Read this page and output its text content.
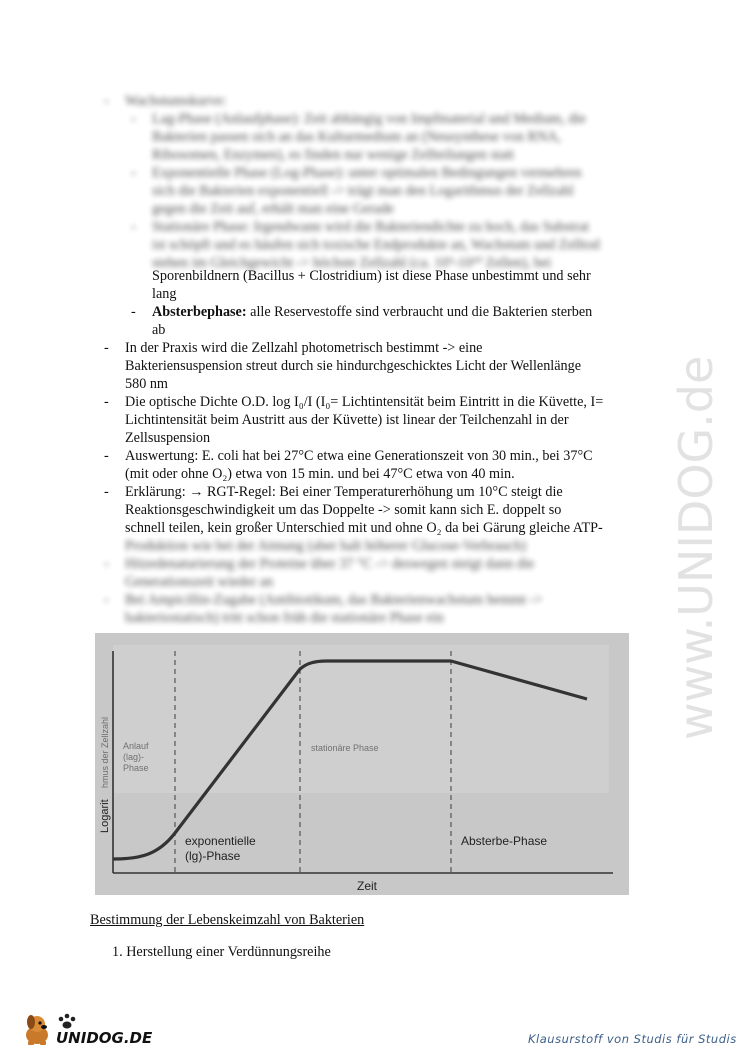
- Wachstumskurve:
- Lag-Phase (Anlaufphase): Zeit abhängig von Impfmaterial und Medium, die
Bakterien passen sich an das Kulturmedium an (Neusynthese von RNA,
Ribosomen, Enzymen), es finden nur wenige Zellteilungen statt
- Exponentielle Phase (Log-Phase): unter optimalen Bedingungen vermehren
sich die Bakterien exponentiell -> trägt man den Logarithmus der Zellzahl
gegen die Zeit auf, erhält man eine Gerade
- Stationäre Phase: Irgendwann wird die Bakteriendichte zu hoch, das Substrat
ist schöpft und es häufen sich toxische Endprodukte an, Wachstum und Zelltod
stehen im Gleichgewicht -> höchste Zellzahl (ca. 10⁹-10¹⁰ Zellen), bei
Sporenbildnern (Bacillus + Clostridium) ist diese Phase unbestimmt und sehr
lang
- Absterbephase: alle Reservestoffe sind verbraucht und die Bakterien sterben
ab
- In der Praxis wird die Zellzahl photometrisch bestimmt -> eine
Bakteriensuspension streut durch sie hindurchgeschicktes Licht der Wellenlänge
580 nm
- Die optische Dichte O.D. log I₀/I (I₀= Lichtintensität beim Eintritt in die Küvette, I=
Lichtintensität beim Austritt aus der Küvette) ist linear der Teilchenzahl in der
Zellsuspension
- Auswertung: E. coli hat bei 27°C etwa eine Generationszeit von 30 min., bei 37°C
(mit oder ohne O₂) etwa von 15 min. und bei 47°C etwa von 40 min.
- Erklärung: → RGT-Regel: Bei einer Temperaturerhöhung um 10°C steigt die
Reaktionsgeschwindigkeit um das Doppelte -> somit kann sich E. doppelt so
schnell teilen, kein großer Unterschied mit und ohne O₂ da bei Gärung gleiche ATP-
Produktion wie bei der Atmung (aber halt höherer Glucose-Verbrauch)
- Hitzedenaturierung der Proteine über 37 °C -> deswegen steigt dann die
Generationszeit wieder an
- Bei Ampicillin-Zugabe (Antibiotikum, das Bakterienwachstum hemmt ->
bakteriostatisch) tritt schon früh die stationäre Phase ein	www.UNIDOG.de
Logarit
hmus der Zellzahl Anlauf
(lag)-
Phase
stationäre Phase
exponentielle
(lg)-Phase
Absterbe-Phase
Zeit
Bestimmung der Lebenskeimzahl von Bakterien
1. Herstellung einer Verdünnungsreihe
UNIDOG.DE	Klausurstoff von Studis für Studis
